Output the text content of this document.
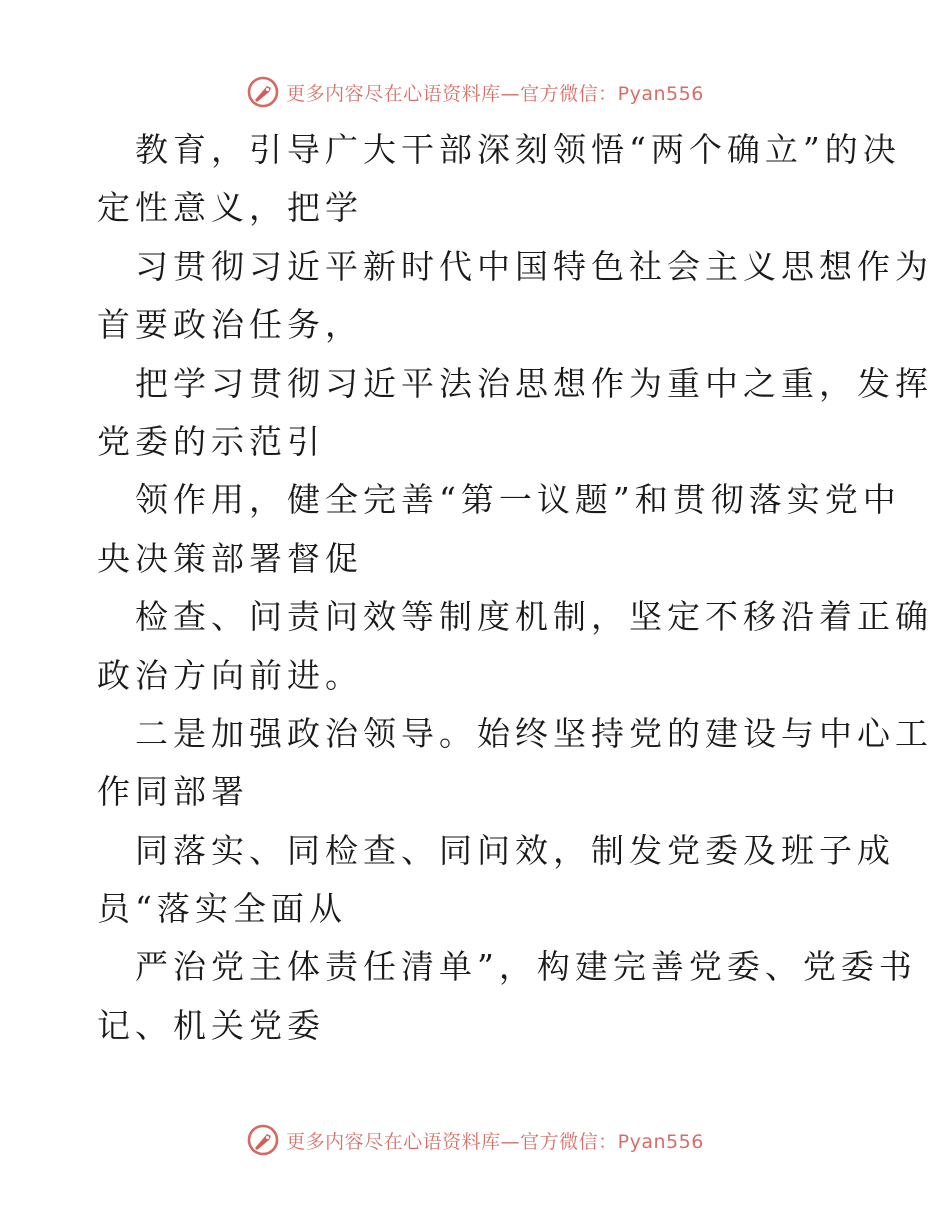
更多内容尽在心语资料库—官方微信：Pyan556
教育，引导广大干部深刻领悟“两个确立”的决
定性意义，把学
习贯彻习近平新时代中国特色社会主义思想作为
首要政治任务，
把学习贯彻习近平法治思想作为重中之重，发挥
党委的示范引
领作用，健全完善“第一议题”和贯彻落实党中
央决策部署督促
检查、问责问效等制度机制，坚定不移沿着正确
政治方向前进。
二是加强政治领导。始终坚持党的建设与中心工
作同部署
同落实、同检查、同问效，制发党委及班子成
员“落实全面从
严治党主体责任清单”，构建完善党委、党委书
记、机关党委
更多内容尽在心语资料库—官方微信：Pyan556
